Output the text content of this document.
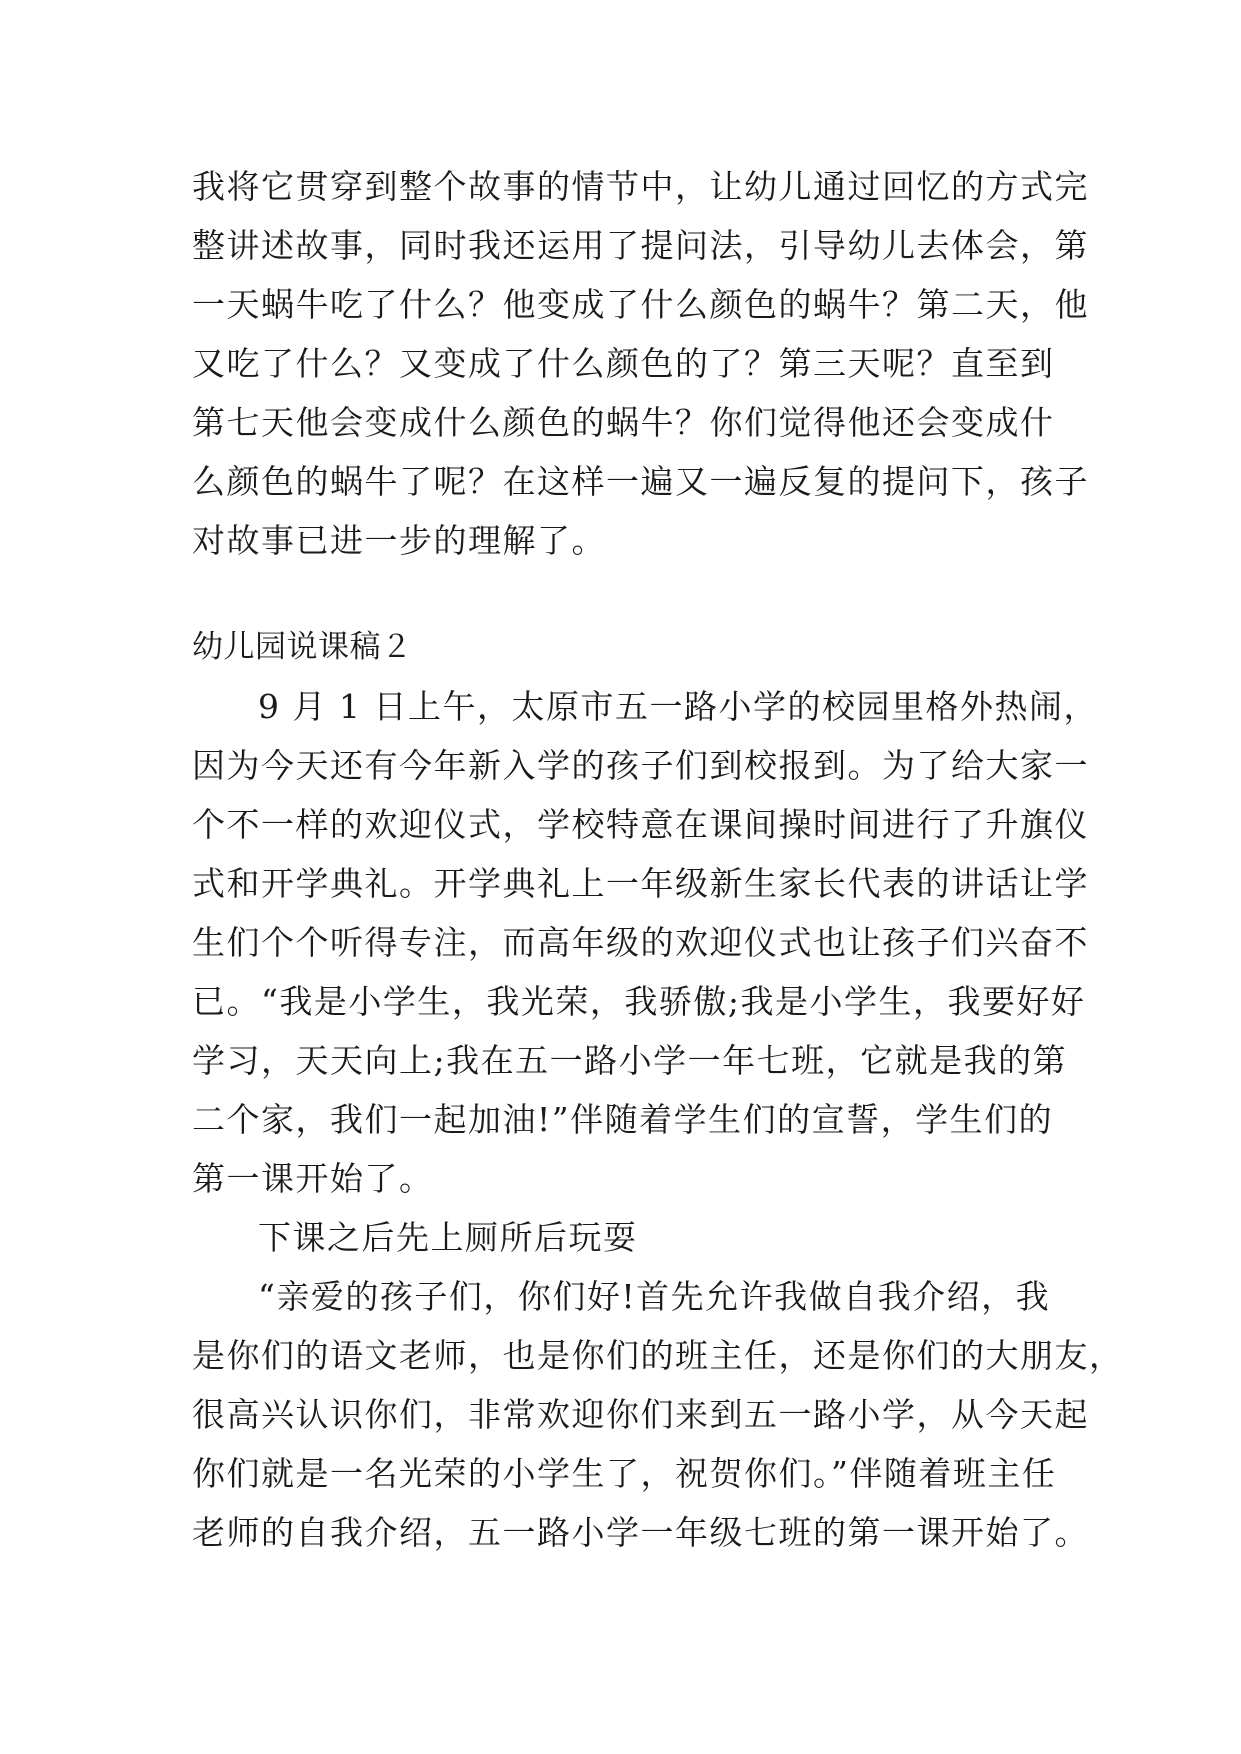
我将它贯穿到整个故事的情节中，让幼儿通过回忆的方式完
整讲述故事，同时我还运用了提问法，引导幼儿去体会，第
一天蜗牛吃了什么？他变成了什么颜色的蜗牛？第二天，他
又吃了什么？又变成了什么颜色的了？第三天呢？直至到
第七天他会变成什么颜色的蜗牛？你们觉得他还会变成什
么颜色的蜗牛了呢？在这样一遍又一遍反复的提问下，孩子
对故事已进一步的理解了。
幼儿园说课稿２
9 月 1 日上午，太原市五一路小学的校园里格外热闹，
因为今天还有今年新入学的孩子们到校报到。为了给大家一
个不一样的欢迎仪式，学校特意在课间操时间进行了升旗仪
式和开学典礼。开学典礼上一年级新生家长代表的讲话让学
生们个个听得专注，而高年级的欢迎仪式也让孩子们兴奋不
已。“我是小学生，我光荣，我骄傲;我是小学生，我要好好
学习，天天向上;我在五一路小学一年七班，它就是我的第
二个家，我们一起加油!”伴随着学生们的宣誓，学生们的
第一课开始了。
下课之后先上厕所后玩耍
“亲爱的孩子们，你们好!首先允许我做自我介绍，我
是你们的语文老师，也是你们的班主任，还是你们的大朋友，
很高兴认识你们，非常欢迎你们来到五一路小学，从今天起
你们就是一名光荣的小学生了，祝贺你们。”伴随着班主任
老师的自我介绍，五一路小学一年级七班的第一课开始了。
